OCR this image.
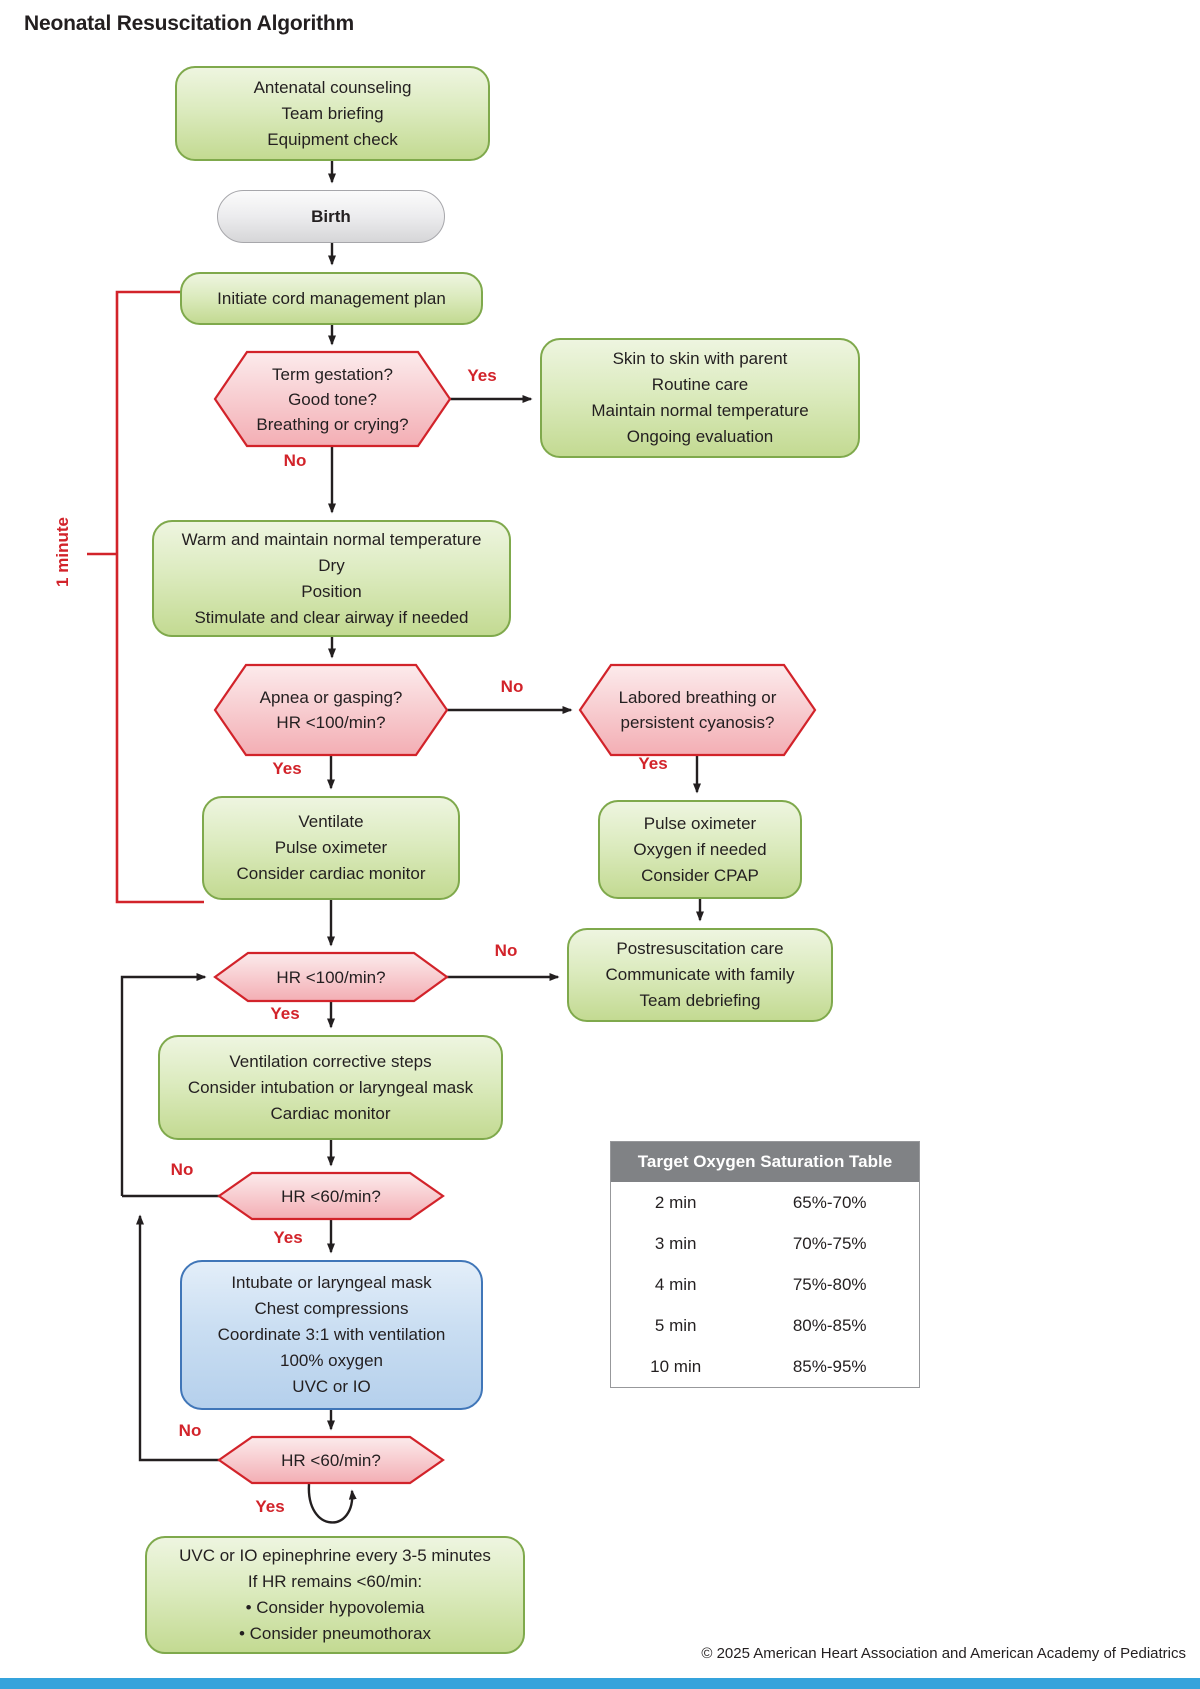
Neonatal Resuscitation Algorithm
Antenatal counseling
Team briefing
Equipment check
Birth
Initiate cord management plan
Term gestation?
Good tone?
Breathing or crying?
Skin to skin with parent
Routine care
Maintain normal temperature
Ongoing evaluation
Warm and maintain normal temperature
Dry
Position
Stimulate and clear airway if needed
Apnea or gasping?
HR <100/min?
Labored breathing or
persistent cyanosis?
Ventilate
Pulse oximeter
Consider cardiac monitor
Pulse oximeter
Oxygen if needed
Consider CPAP
Postresuscitation care
Communicate with family
Team debriefing
HR <100/min?
Ventilation corrective steps
Consider intubation or laryngeal mask
Cardiac monitor
HR <60/min?
Intubate or laryngeal mask
Chest compressions
Coordinate 3:1 with ventilation
100% oxygen
UVC or IO
HR <60/min?
UVC or IO epinephrine every 3-5 minutes
If HR remains <60/min:
• Consider hypovolemia
• Consider pneumothorax
Yes
No
No
Yes	Yes
No
Yes
No
Yes
No
Yes
1 minute
Target Oxygen Saturation Table
2 min	65%-70%
3 min	70%-75%
4 min	75%-80%
5 min	80%-85%
10 min	85%-95%
© 2025 American Heart Association and American Academy of Pediatrics
